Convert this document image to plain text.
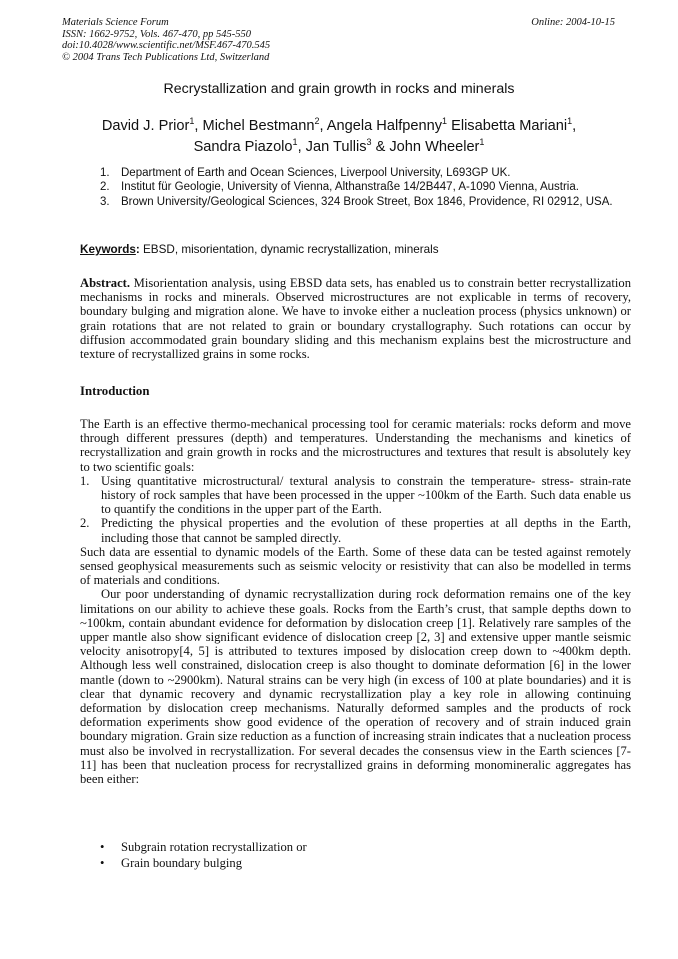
Materials Science Forum
ISSN: 1662-9752, Vols. 467-470, pp 545-550
doi:10.4028/www.scientific.net/MSF.467-470.545
© 2004 Trans Tech Publications Ltd, Switzerland
Online: 2004-10-15
Recrystallization and grain growth in rocks and minerals
David J. Prior$^1$, Michel Bestmann$^2$, Angela Halfpenny$^1$ Elisabetta Mariani$^1$,
Sandra Piazolo$^1$, Jan Tullis$^3$ & John Wheeler$^1$
1. Department of Earth and Ocean Sciences, Liverpool University, L693GP UK.
2. Institut für Geologie, University of Vienna, Althanstraße 14/2B447, A-1090 Vienna, Austria.
3. Brown University/Geological Sciences, 324 Brook Street, Box 1846, Providence, RI 02912, USA.
Keywords: EBSD, misorientation, dynamic recrystallization, minerals
Abstract. Misorientation analysis, using EBSD data sets, has enabled us to constrain better recrystallization mechanisms in rocks and minerals. Observed microstructures are not explicable in terms of recovery, boundary bulging and migration alone. We have to invoke either a nucleation process (physics unknown) or grain rotations that are not related to grain or boundary crystallography. Such rotations can occur by diffusion accommodated grain boundary sliding and this mechanism explains best the microstructure and texture of recrystallized grains in some rocks.
Introduction

The Earth is an effective thermo-mechanical processing tool for ceramic materials: rocks deform and move through different pressures (depth) and temperatures. Understanding the mechanisms and kinetics of recrystallization and grain growth in rocks and the microstructures and textures that result is absolutely key to two scientific goals:

1. Using quantitative microstructural/ textural analysis to constrain the temperature- stress- strain-rate history of rock samples that have been processed in the upper ~100km of the Earth. Such data enable us to quantify the conditions in the upper part of the Earth.
2. Predicting the physical properties and the evolution of these properties at all depths in the Earth, including those that cannot be sampled directly.

Such data are essential to dynamic models of the Earth. Some of these data can be tested against remotely sensed geophysical measurements such as seismic velocity or resistivity that can also be modelled in terms of materials and conditions.

Our poor understanding of dynamic recrystallization during rock deformation remains one of the key limitations on our ability to achieve these goals. Rocks from the Earth’s crust, that sample depths down to ~100km, contain abundant evidence for deformation by dislocation creep [1]. Relatively rare samples of the upper mantle also show significant evidence of dislocation creep [2, 3] and extensive upper mantle seismic velocity anisotropy[4, 5] is attributed to textures imposed by dislocation creep down to ~400km depth. Although less well constrained, dislocation creep is also thought to dominate deformation [6] in the lower mantle (down to ~2900km). Natural strains can be very high (in excess of 100 at plate boundaries) and it is clear that dynamic recovery and dynamic recrystallization play a key role in allowing continuing deformation by dislocation creep mechanisms. Naturally deformed samples and the products of rock deformation experiments show good evidence of the operation of recovery and of strain induced grain boundary migration. Grain size reduction as a function of increasing strain indicates that a nucleation process must also be involved in recrystallization. For several decades the consensus view in the Earth sciences [7-11] has been that nucleation process for recrystallized grains in deforming monomineralic aggregates has been either:

• Subgrain rotation recrystallization or
• Grain boundary bulging
